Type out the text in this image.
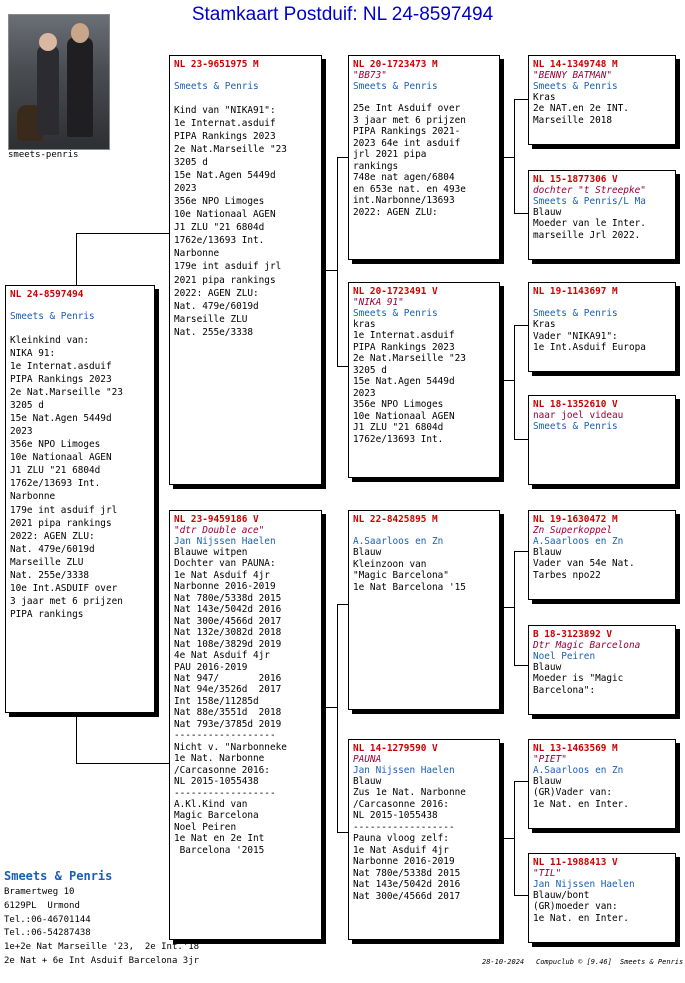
Stamkaart Postduif: NL 24-8597494
smeets-penris
NL 24-8597494

Smeets & Penris

Kleinkind van:
NIKA 91:
1e Internat.asduif
PIPA Rankings 2023
2e Nat.Marseille "23
3205 d
15e Nat.Agen 5449d
2023
356e NPO Limoges
10e Nationaal AGEN
J1 ZLU "21 6804d
1762e/13693 Int.
Narbonne
179e int asduif jrl
2021 pipa rankings
2022: AGEN ZLU:
Nat. 479e/6019d
Marseille ZLU
Nat. 255e/3338
10e Int.ASDUIF over
3 jaar met 6 prijzen
PIPA rankings
NL 23-9651975 M

Smeets & Penris

Kind van "NIKA91":
1e Internat.asduif
PIPA Rankings 2023
2e Nat.Marseille "23
3205 d
15e Nat.Agen 5449d
2023
356e NPO Limoges
10e Nationaal AGEN
J1 ZLU "21 6804d
1762e/13693 Int.
Narbonne
179e int asduif jrl
2021 pipa rankings
2022: AGEN ZLU:
Nat. 479e/6019d
Marseille ZLU
Nat. 255e/3338
NL 23-9459186 V
"dtr Double ace"
Jan Nijssen Haelen
Blauwe witpen
Dochter van PAUNA:
1e Nat Asduif 4jr
Narbonne 2016-2019
Nat 780e/5338d 2015
Nat 143e/5042d 2016
Nat 300e/4566d 2017
Nat 132e/3082d 2018
Nat 108e/3829d 2019
4e Nat Asduif 4jr
PAU 2016-2019
Nat 947/       2016
Nat 94e/3526d  2017
Int 158e/11285d
Nat 88e/3551d  2018
Nat 793e/3785d 2019
------------------
Nicht v. "Narbonneke
1e Nat. Narbonne
/Carcasonne 2016:
NL 2015-1055438
------------------
A.Kl.Kind van
Magic Barcelona
Noel Peiren
1e Nat en 2e Int
Barcelona '2015
NL 20-1723473 M
"BB73"
Smeets & Penris

25e Int Asduif over
3 jaar met 6 prijzen
PIPA Rankings 2021-
2023 64e int asduif
jrl 2021 pipa
rankings
748e nat agen/6804
en 653e nat. en 493e
int.Narbonne/13693
2022: AGEN ZLU:
NL 20-1723491 V
"NIKA 91"
Smeets & Penris
kras
1e Internat.asduif
PIPA Rankings 2023
2e Nat.Marseille "23
3205 d
15e Nat.Agen 5449d
2023
356e NPO Limoges
10e Nationaal AGEN
J1 ZLU "21 6804d
1762e/13693 Int.
NL 22-8425895 M

A.Saarloos en Zn
Blauw
Kleinzoon van
"Magic Barcelona"
1e Nat Barcelona '15
NL 14-1279590 V
PAUNA
Jan Nijssen Haelen
Blauw
Zus 1e Nat. Narbonne
/Carcasonne 2016:
NL 2015-1055438
------------------
Pauna vloog zelf:
1e Nat Asduif 4jr
Narbonne 2016-2019
Nat 780e/5338d 2015
Nat 143e/5042d 2016
Nat 300e/4566d 2017
NL 14-1349748 M
"BENNY BATMAN"
Smeets & Penris
Kras
2e NAT.en 2e INT.
Marseille 2018
NL 15-1877306 V
dochter "t Streepke"
Smeets & Penris/L Ma
Blauw
Moeder van le Inter.
marseille Jrl 2022.
NL 19-1143697 M

Smeets & Penris
Kras
Vader "NIKA91":
1e Int.Asduif Europa
NL 18-1352610 V
naar joel videau
Smeets & Penris
NL 19-1630472 M
Zn Superkoppel
A.Saarloos en Zn
Blauw
Vader van 54e Nat.
Tarbes npo22
B 18-3123892 V
Dtr Magic Barcelona
Noel Peiren
Blauw
Moeder is "Magic
Barcelona":
NL 13-1463569 M
"PIET"
A.Saarloos en Zn
Blauw
(GR)Vader van:
1e Nat. en Inter.
NL 11-1988413 V
"TIL"
Jan Nijssen Haelen
Blauw/bont
(GR)moeder van:
1e Nat. en Inter.
Smeets & Penris
Bramertweg 10
6129PL  Urmond
Tel.:06-46701144
Tel.:06-54287438
1e+2e Nat Marseille '23,  2e Int.'18
2e Nat + 6e Int Asduif Barcelona 3jr	28-10-2024 Compuclub © [9.46] Smeets & Penris
